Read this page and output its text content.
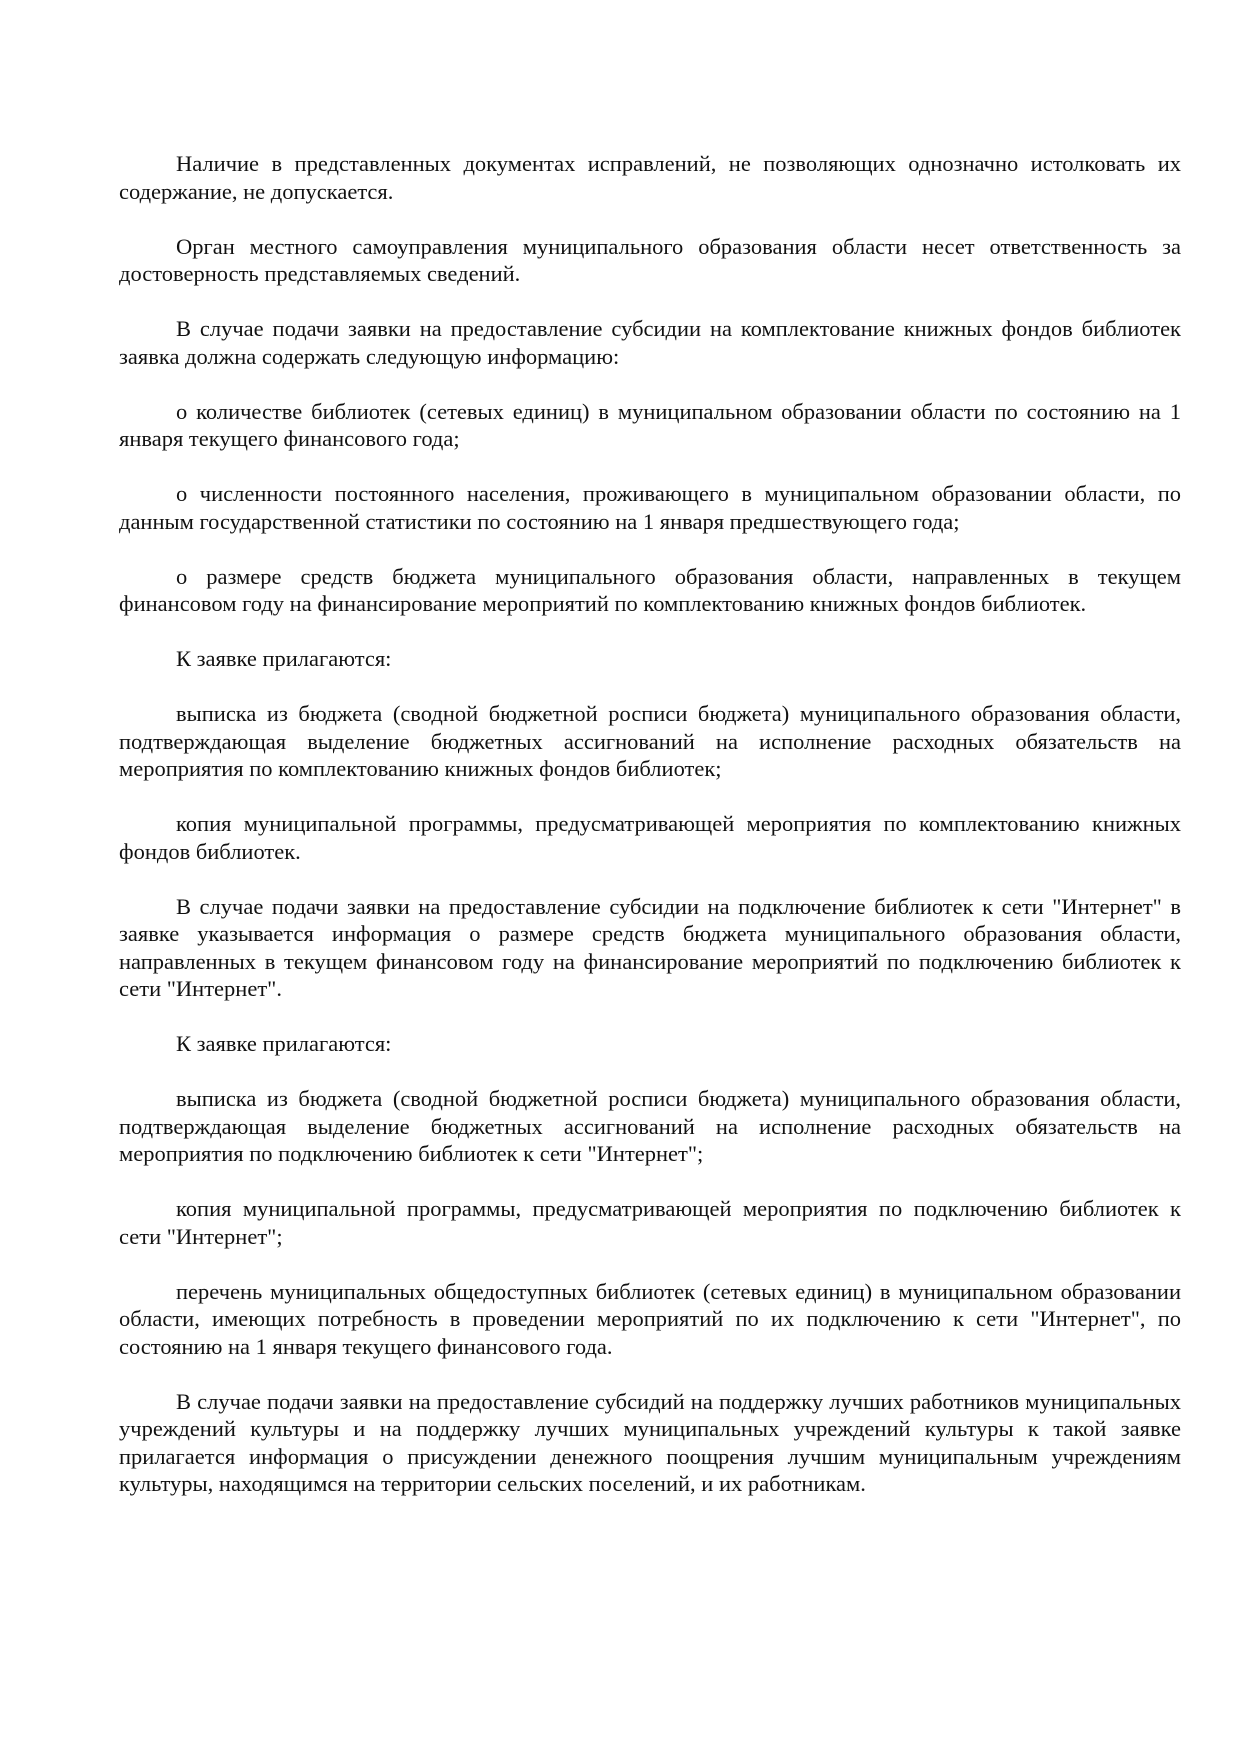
Наличие в представленных документах исправлений, не позволяющих однозначно истолковать их содержание, не допускается.

Орган местного самоуправления муниципального образования области несет ответственность за достоверность представляемых сведений.

В случае подачи заявки на предоставление субсидии на комплектование книжных фондов библиотек заявка должна содержать следующую информацию:

о количестве библиотек (сетевых единиц) в муниципальном образовании области по состоянию на 1 января текущего финансового года;

о численности постоянного населения, проживающего в муниципальном образовании области, по данным государственной статистики по состоянию на 1 января предшествующего года;

о размере средств бюджета муниципального образования области, направленных в текущем финансовом году на финансирование мероприятий по комплектованию книжных фондов библиотек.

К заявке прилагаются:

выписка из бюджета (сводной бюджетной росписи бюджета) муниципального образования области, подтверждающая выделение бюджетных ассигнований на исполнение расходных обязательств на мероприятия по комплектованию книжных фондов библиотек;

копия муниципальной программы, предусматривающей мероприятия по комплектованию книжных фондов библиотек.

В случае подачи заявки на предоставление субсидии на подключение библиотек к сети "Интернет" в заявке указывается информация о размере средств бюджета муниципального образования области, направленных в текущем финансовом году на финансирование мероприятий по подключению библиотек к сети "Интернет".

К заявке прилагаются:

выписка из бюджета (сводной бюджетной росписи бюджета) муниципального образования области, подтверждающая выделение бюджетных ассигнований на исполнение расходных обязательств на мероприятия по подключению библиотек к сети "Интернет";

копия муниципальной программы, предусматривающей мероприятия по подключению библиотек к сети "Интернет";

перечень муниципальных общедоступных библиотек (сетевых единиц) в муниципальном образовании области, имеющих потребность в проведении мероприятий по их подключению к сети "Интернет", по состоянию на 1 января текущего финансового года.

В случае подачи заявки на предоставление субсидий на поддержку лучших работников муниципальных учреждений культуры и на поддержку лучших муниципальных учреждений культуры к такой заявке прилагается информация о присуждении денежного поощрения лучшим муниципальным учреждениям культуры, находящимся на территории сельских поселений, и их работникам.
